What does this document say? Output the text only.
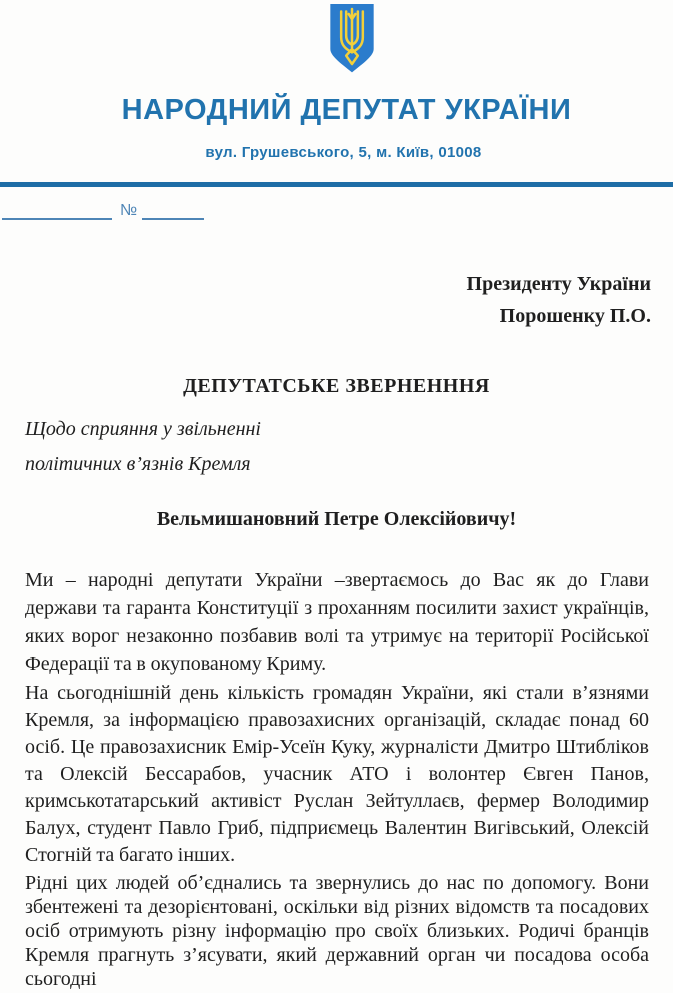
НАРОДНИЙ ДЕПУТАТ УКРАЇНИ
вул. Грушевського, 5, м. Київ, 01008
№
Президенту України
Порошенку П.О.
ДЕПУТАТСЬКЕ ЗВЕРНЕНННЯ
Щодо сприяння у звільненні
політичних в’язнів Кремля
Вельмишановний Петре Олексійовичу!

Ми – народні депутати України –звертаємось до Вас як до Глави держави та гаранта Конституції з проханням посилити захист українців, яких ворог незаконно позбавив волі та утримує на території Російської Федерації та в окупованому Криму.

На сьогоднішній день кількість громадян України, які стали в’язнями Кремля, за інформацією правозахисних організацій, складає понад 60 осіб. Це правозахисник Емір-Усеїн Куку, журналісти Дмитро Штибліков та Олексій Бессарабов, учасник АТО і волонтер Євген Панов, кримськотатарський активіст Руслан Зейтуллаєв, фермер Володимир Балух, студент Павло Гриб, підприємець Валентин Вигівський, Олексій Стогній та багато інших.

Рідні цих людей об’єднались та звернулись до нас по допомогу. Вони збентежені та дезорієнтовані, оскільки від різних відомств та посадових осіб отримують різну інформацію про своїх близьких. Родичі бранців Кремля прагнуть з’ясувати, який державний орган чи посадова особа сьогодні
